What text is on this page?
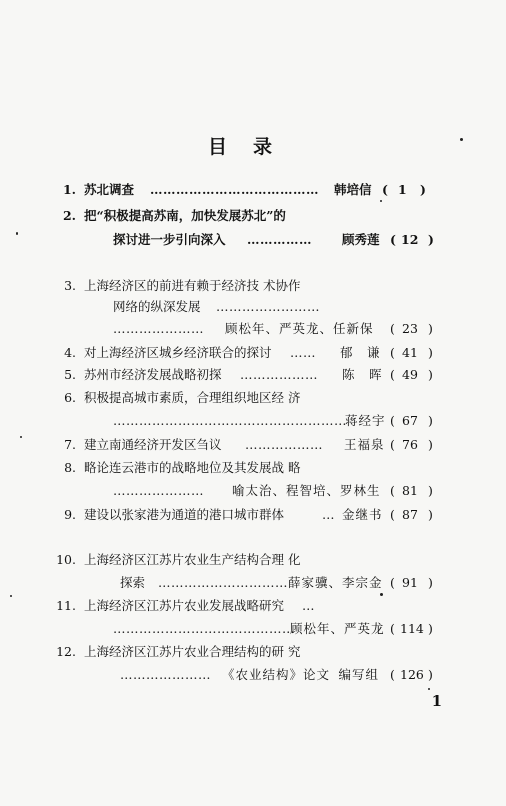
目录
1. 苏北调查 ………………………………… 韩培信 ( 1 )
2. 把“积极提高苏南，加快发展苏北”的
探讨进一步引向深入 …………… 顾秀莲 ( 12 )
3. 上海经济区的前进有赖于经济技 术协作
网络的纵深发展 ……………………
………………… 顾松年、严英龙、任新保 ( 23 )
4. 对上海经济区城乡经济联合的探讨 …… 郁　谦 ( 41 )
5. 苏州市经济发展战略初探 ……………… 陈　晖 ( 49 )
6. 积极提高城市素质，合理组织地区经 济
………………………………………………
蒋经宇 ( 67 )
7. 建立南通经济开发区刍议 ……………… 王福泉 ( 76 )
8. 略论连云港市的战略地位及其发展战 略
………………… 喻太治、程智培、罗林生 ( 81 )
9. 建设以张家港为通道的港口城市群体	… 金继书 ( 87 )
10. 上海经济区江苏片农业生产结构合理 化
探索 ………………………… 薛家骥、李宗金 ( 91 )
11. 上海经济区江苏片农业发展战略研究 …
……………………………………
顾松年、严英龙 ( 114 )
12. 上海经济区江苏片农业合理结构的研 究
………………… 《农业结构》论文 编写组 ( 126 )
1
